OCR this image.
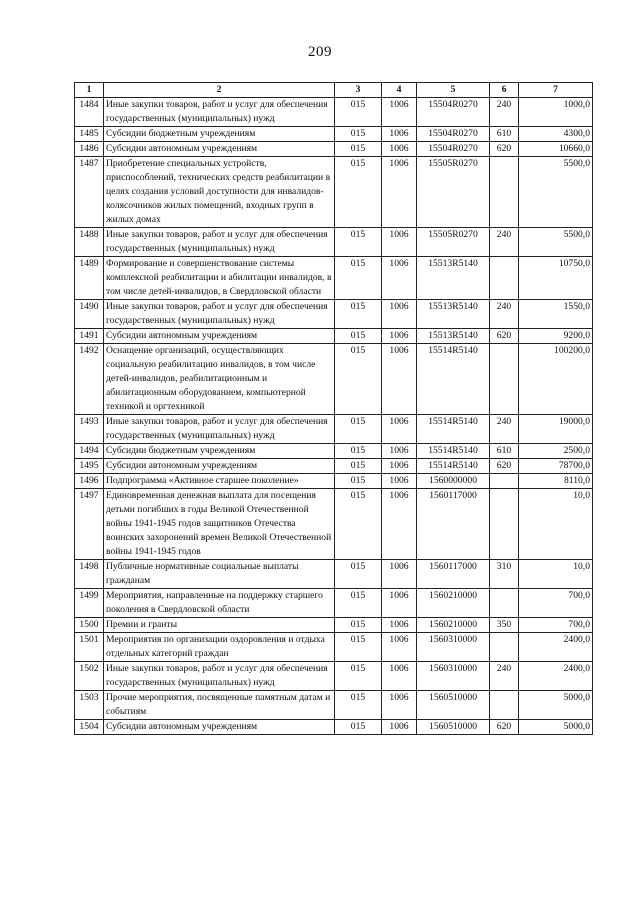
209
1	2	3	4	5	6	7
1484	Иные закупки товаров, работ и услуг для обеспечения государственных (муниципальных) нужд	015	1006	15504R0270	240	1000,0
1485	Субсидии бюджетным учреждениям	015	1006	15504R0270	610	4300,0
1486	Субсидии автономным учреждениям	015	1006	15504R0270	620	10660,0
1487	Приобретение специальных устройств, приспособлений, технических средств реабилитации в целях создания условий доступности для инвалидов-колясочников жилых помещений, входных групп в жилых домах	015	1006	15505R0270		5500,0
1488	Иные закупки товаров, работ и услуг для обеспечения государственных (муниципальных) нужд	015	1006	15505R0270	240	5500,0
1489	Формирование и совершенствование системы комплексной реабилитации и абилитации инвалидов, в том числе детей-инвалидов, в Свердловской области	015	1006	15513R5140		10750,0
1490	Иные закупки товаров, работ и услуг для обеспечения государственных (муниципальных) нужд	015	1006	15513R5140	240	1550,0
1491	Субсидии автономным учреждениям	015	1006	15513R5140	620	9200,0
1492	Оснащение организаций, осуществляющих социальную реабилитацию инвалидов, в том числе детей-инвалидов, реабилитационным и абилитационным оборудованием, компьютерной техникой и оргтехникой	015	1006	15514R5140		100200,0
1493	Иные закупки товаров, работ и услуг для обеспечения государственных (муниципальных) нужд	015	1006	15514R5140	240	19000,0
1494	Субсидии бюджетным учреждениям	015	1006	15514R5140	610	2500,0
1495	Субсидии автономным учреждениям	015	1006	15514R5140	620	78700,0
1496	Подпрограмма «Активное старшее поколение»	015	1006	1560000000		8110,0
1497	Единовременная денежная выплата для посещения детьми погибших в годы Великой Отечественной войны 1941-1945 годов защитников Отечества воинских захоронений времен Великой Отечественной войны 1941-1945 годов	015	1006	1560117000		10,0
1498	Публичные нормативные социальные выплаты гражданам	015	1006	1560117000	310	10,0
1499	Мероприятия, направленные на поддержку старшего поколения в Свердловской области	015	1006	1560210000		700,0
1500	Премии и гранты	015	1006	1560210000	350	700,0
1501	Мероприятия по организации оздоровления и отдыха отдельных категорий граждан	015	1006	1560310000		2400,0
1502	Иные закупки товаров, работ и услуг для обеспечения государственных (муниципальных) нужд	015	1006	1560310000	240	2400,0
1503	Прочие мероприятия, посвященные памятным датам и событиям	015	1006	1560510000		5000,0
1504	Субсидии автономным учреждениям	015	1006	1560510000	620	5000,0
